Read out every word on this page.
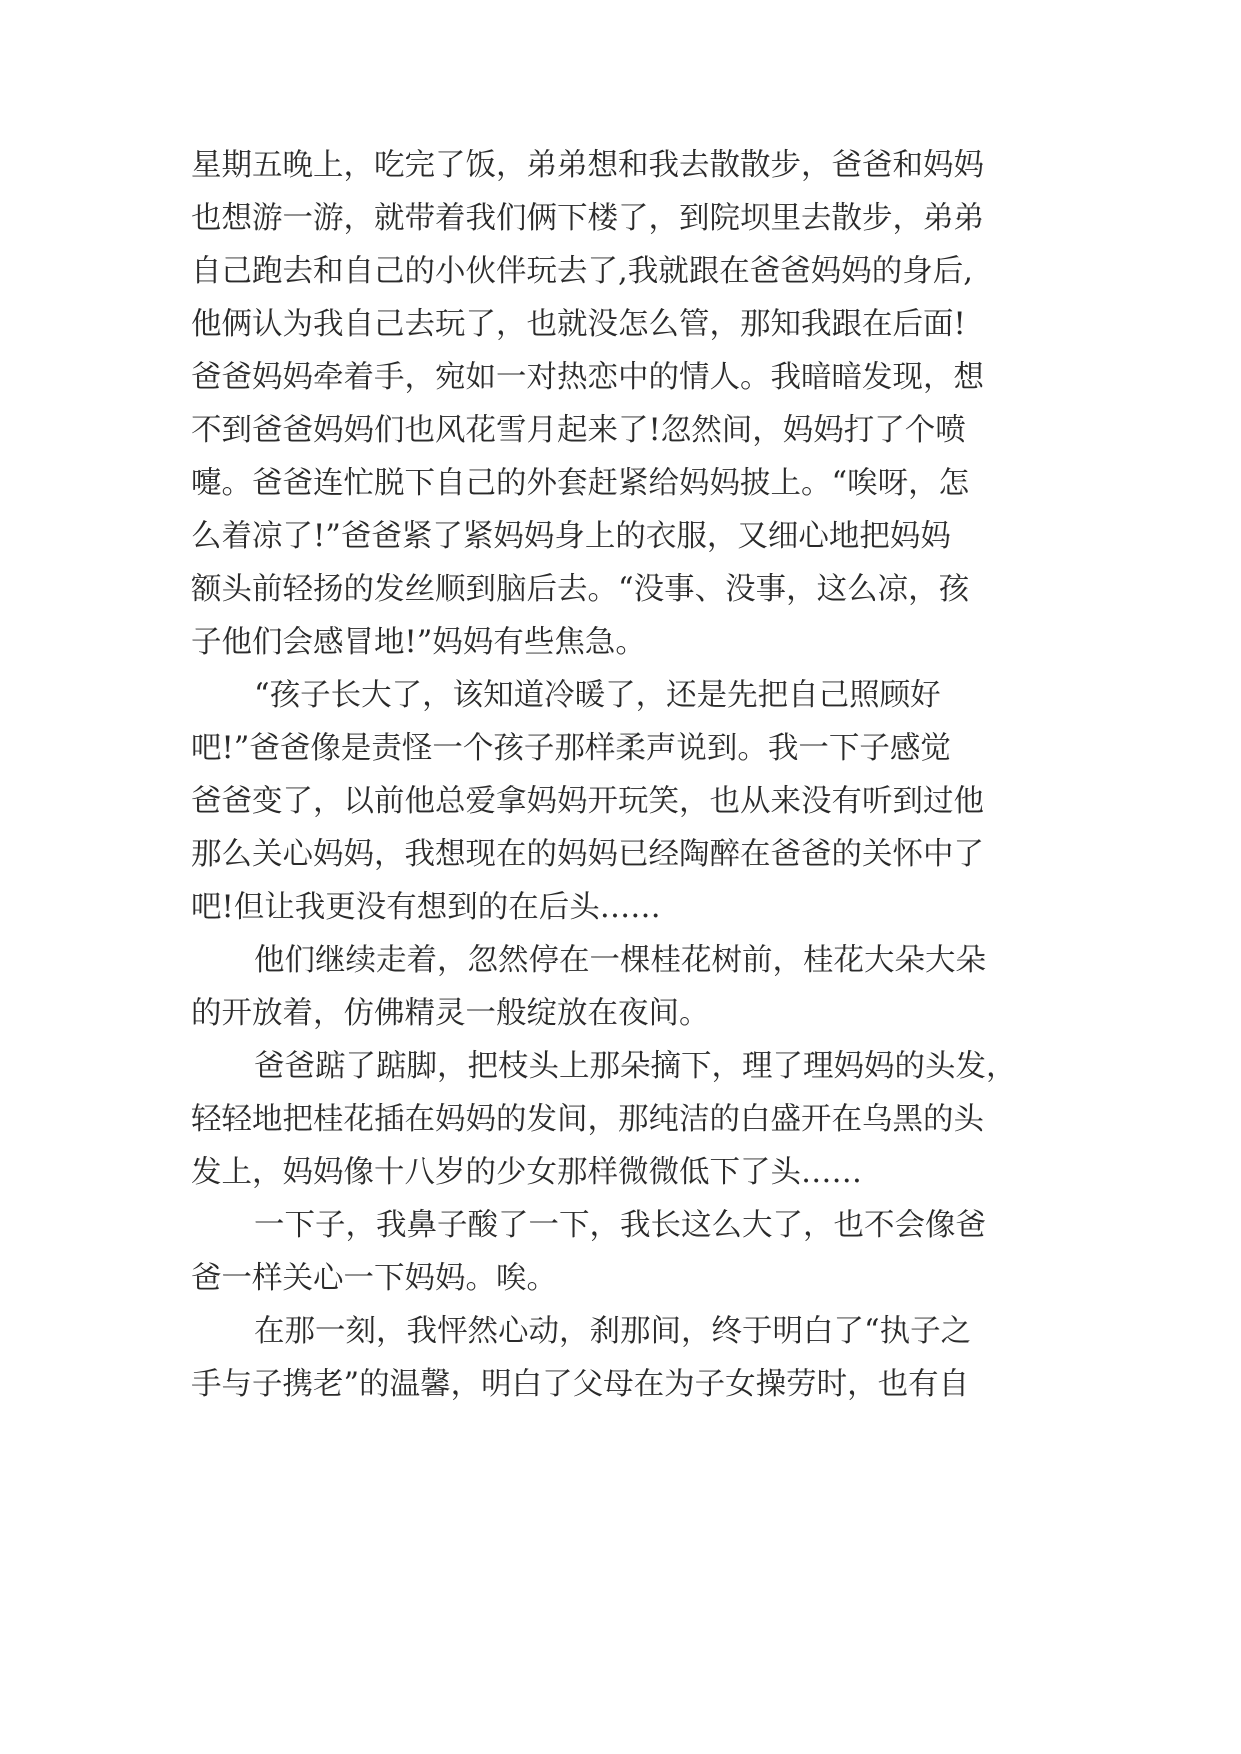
星期五晚上，吃完了饭，弟弟想和我去散散步，爸爸和妈妈

也想游一游，就带着我们俩下楼了，到院坝里去散步，弟弟

自己跑去和自己的小伙伴玩去了,我就跟在爸爸妈妈的身后,

他俩认为我自己去玩了，也就没怎么管，那知我跟在后面!

爸爸妈妈牵着手，宛如一对热恋中的情人。我暗暗发现，想

不到爸爸妈妈们也风花雪月起来了!忽然间，妈妈打了个喷

嚏。爸爸连忙脱下自己的外套赶紧给妈妈披上。“唉呀，怎

么着凉了!”爸爸紧了紧妈妈身上的衣服，又细心地把妈妈

额头前轻扬的发丝顺到脑后去。“没事、没事，这么凉，孩

子他们会感冒地!”妈妈有些焦急。

“孩子长大了，该知道冷暖了，还是先把自己照顾好

吧!”爸爸像是责怪一个孩子那样柔声说到。我一下子感觉

爸爸变了，以前他总爱拿妈妈开玩笑，也从来没有听到过他

那么关心妈妈，我想现在的妈妈已经陶醉在爸爸的关怀中了

吧!但让我更没有想到的在后头……

他们继续走着，忽然停在一棵桂花树前，桂花大朵大朵

的开放着，仿佛精灵一般绽放在夜间。

爸爸踮了踮脚，把枝头上那朵摘下，理了理妈妈的头发，

轻轻地把桂花插在妈妈的发间，那纯洁的白盛开在乌黑的头

发上，妈妈像十八岁的少女那样微微低下了头……

一下子，我鼻子酸了一下，我长这么大了，也不会像爸

爸一样关心一下妈妈。唉。

在那一刻，我怦然心动，刹那间，终于明白了“执子之

手与子携老”的温馨，明白了父母在为子女操劳时，也有自
